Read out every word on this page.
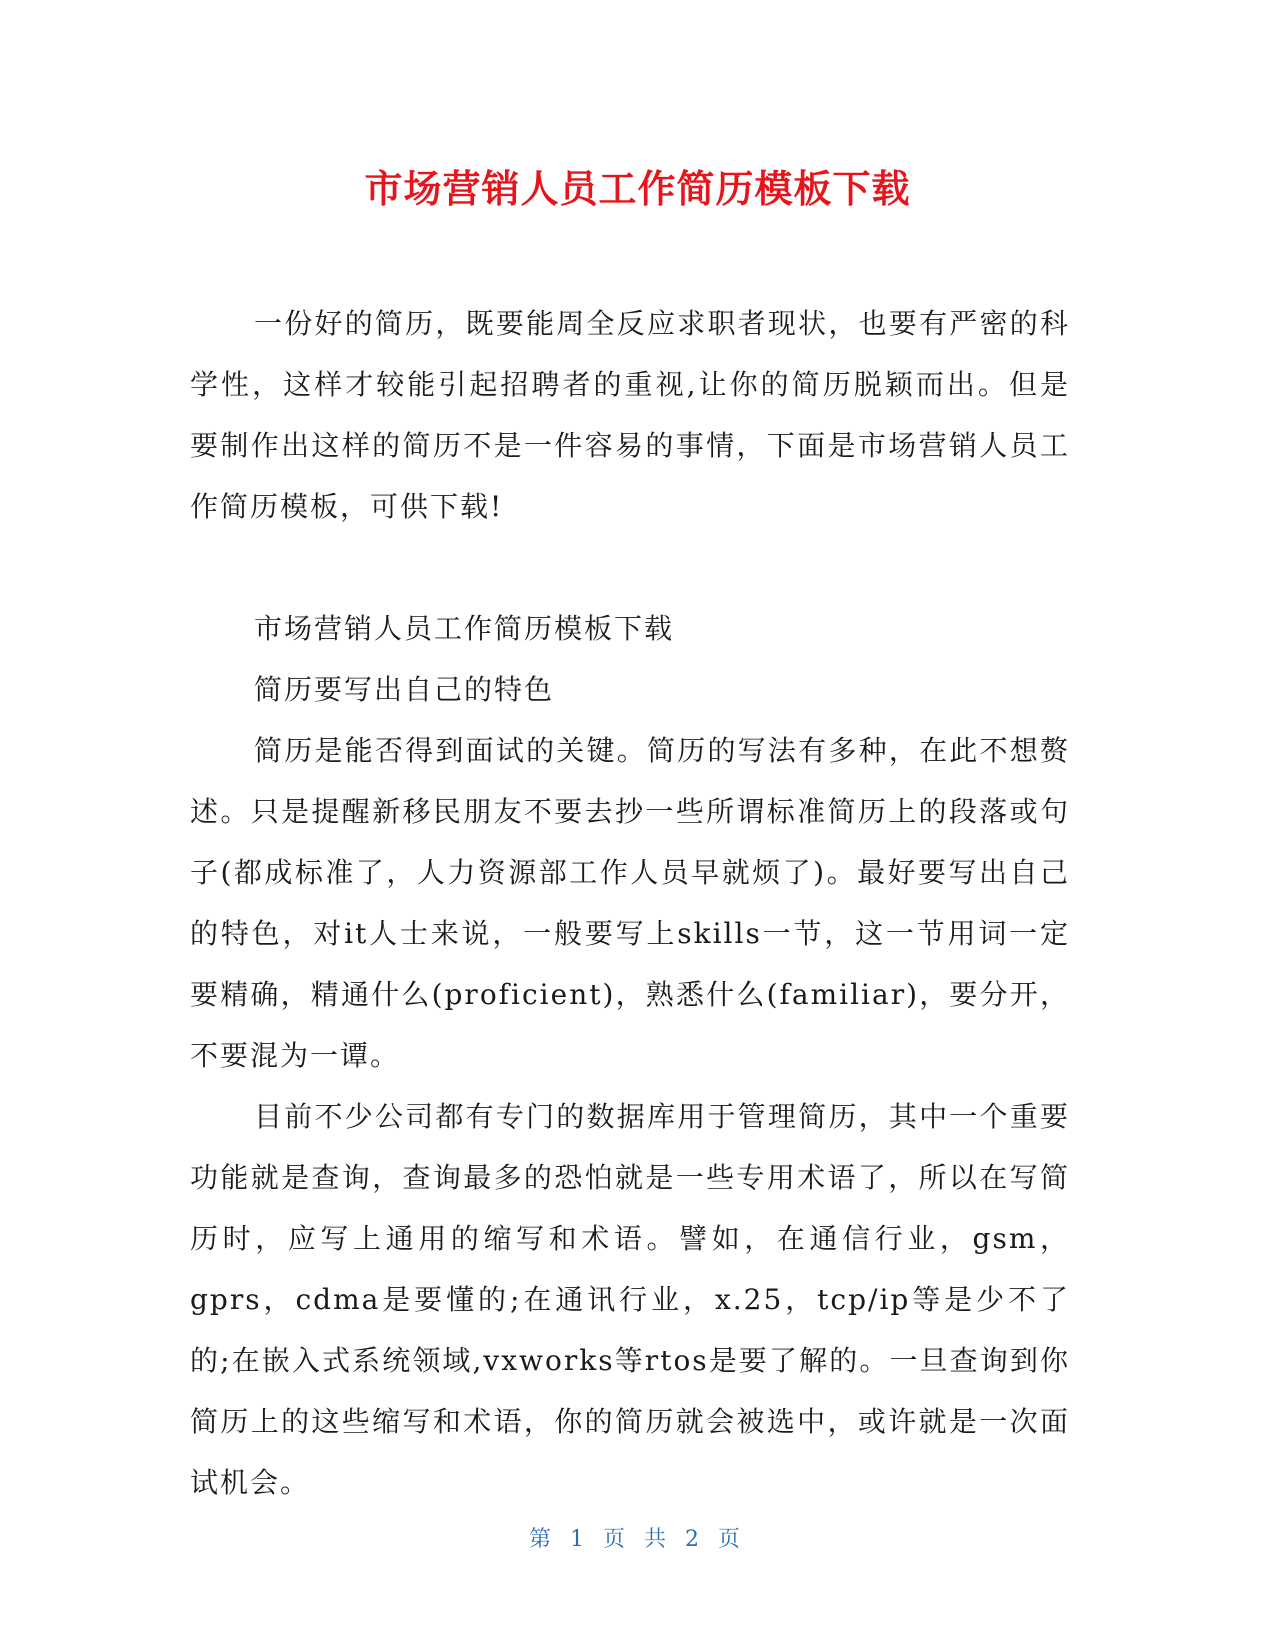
市场营销人员工作简历模板下载

一份好的简历，既要能周全反应求职者现状，也要有严密的科学性，这样才较能引起招聘者的重视,让你的简历脱颖而出。但是要制作出这样的简历不是一件容易的事情，下面是市场营销人员工作简历模板，可供下载!

市场营销人员工作简历模板下载

简历要写出自己的特色

简历是能否得到面试的关键。简历的写法有多种，在此不想赘述。只是提醒新移民朋友不要去抄一些所谓标准简历上的段落或句子(都成标准了，人力资源部工作人员早就烦了)。最好要写出自己的特色，对it人士来说，一般要写上skills一节，这一节用词一定要精确，精通什么(proficient)，熟悉什么(familiar)，要分开，不要混为一谭。

目前不少公司都有专门的数据库用于管理简历，其中一个重要功能就是查询，查询最多的恐怕就是一些专用术语了，所以在写简历时，应写上通用的缩写和术语。譬如，在通信行业，gsm，gprs，cdma是要懂的;在通讯行业，x.25，tcp/ip等是少不了的;在嵌入式系统领域,vxworks等rtos是要了解的。一旦查询到你简历上的这些缩写和术语，你的简历就会被选中，或许就是一次面试机会。

第 1 页 共 2 页
